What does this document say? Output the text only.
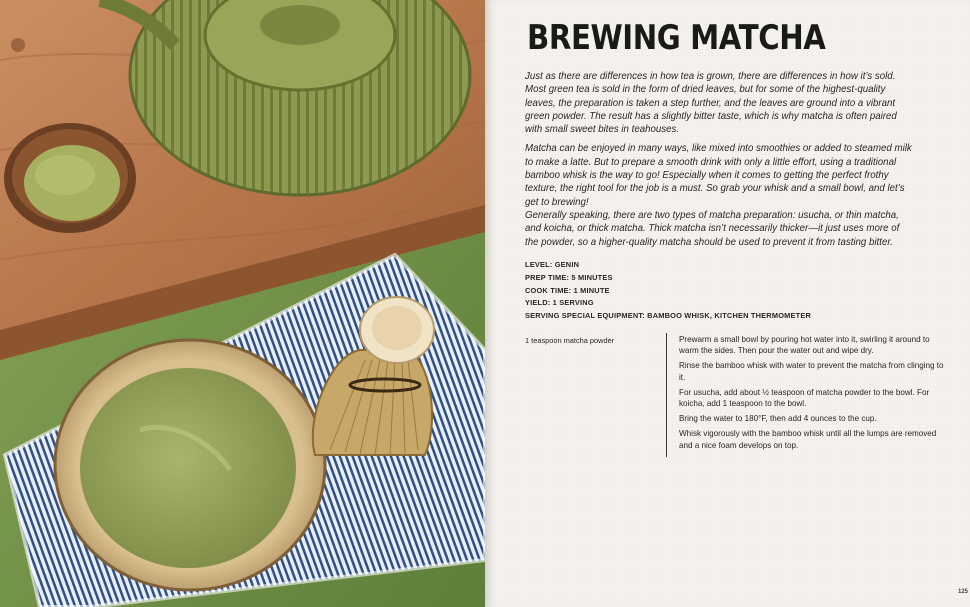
BREWING MATCHA

Just as there are differences in how tea is grown, there are differences in how it’s sold. Most green tea is sold in the form of dried leaves, but for some of the highest-quality leaves, the preparation is taken a step further, and the leaves are ground into a vibrant green powder. The result has a slightly bitter taste, which is why matcha is often paired with small sweet bites in teahouses.

Matcha can be enjoyed in many ways, like mixed into smoothies or added to steamed milk to make a latte. But to prepare a smooth drink with only a little effort, using a traditional bamboo whisk is the way to go! Especially when it comes to getting the perfect frothy texture, the right tool for the job is a must. So grab your whisk and a small bowl, and let’s get to brewing!

Generally speaking, there are two types of matcha preparation: usucha, or thin matcha, and koicha, or thick matcha. Thick matcha isn’t necessarily thicker—it just uses more of the powder, so a higher-quality matcha should be used to prevent it from tasting bitter.

LEVEL: GENIN
PREP TIME: 5 MINUTES
COOK TIME: 1 MINUTE
YIELD: 1 SERVING
SERVING SPECIAL EQUIPMENT: BAMBOO WHISK, KITCHEN THERMOMETER
1 teaspoon matcha powder	Prewarm a small bowl by pouring hot water into it, swirling it around to warm the sides. Then pour the water out and wipe dry.

Rinse the bamboo whisk with water to prevent the matcha from clinging to it.

For usucha, add about ½ teaspoon of matcha powder to the bowl. For koicha, add 1 teaspoon to the bowl.

Bring the water to 180°F, then add 4 ounces to the cup.

Whisk vigorously with the bamboo whisk until all the lumps are removed and a nice foam develops on top.

125
